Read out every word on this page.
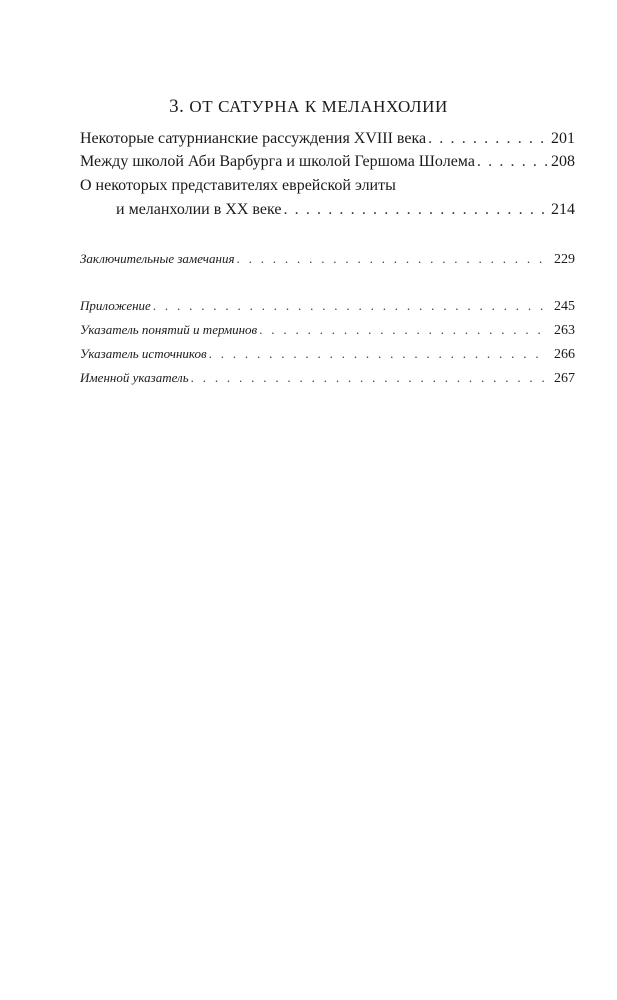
3. ОТ САТУРНА К МЕЛАНХОЛИИ
Некоторые сатурнианские рассуждения XVIII века . . .	201
Между школой Аби Варбурга и школой Гершома Шолема . . .	208
О некоторых представителях еврейской элиты
и меланхолии в XX веке . . .	214
Заключительные замечания . . .	229
Приложение . . .	245
Указатель понятий и терминов . . .	263
Указатель источников . . .	266
Именной указатель . . .	267
